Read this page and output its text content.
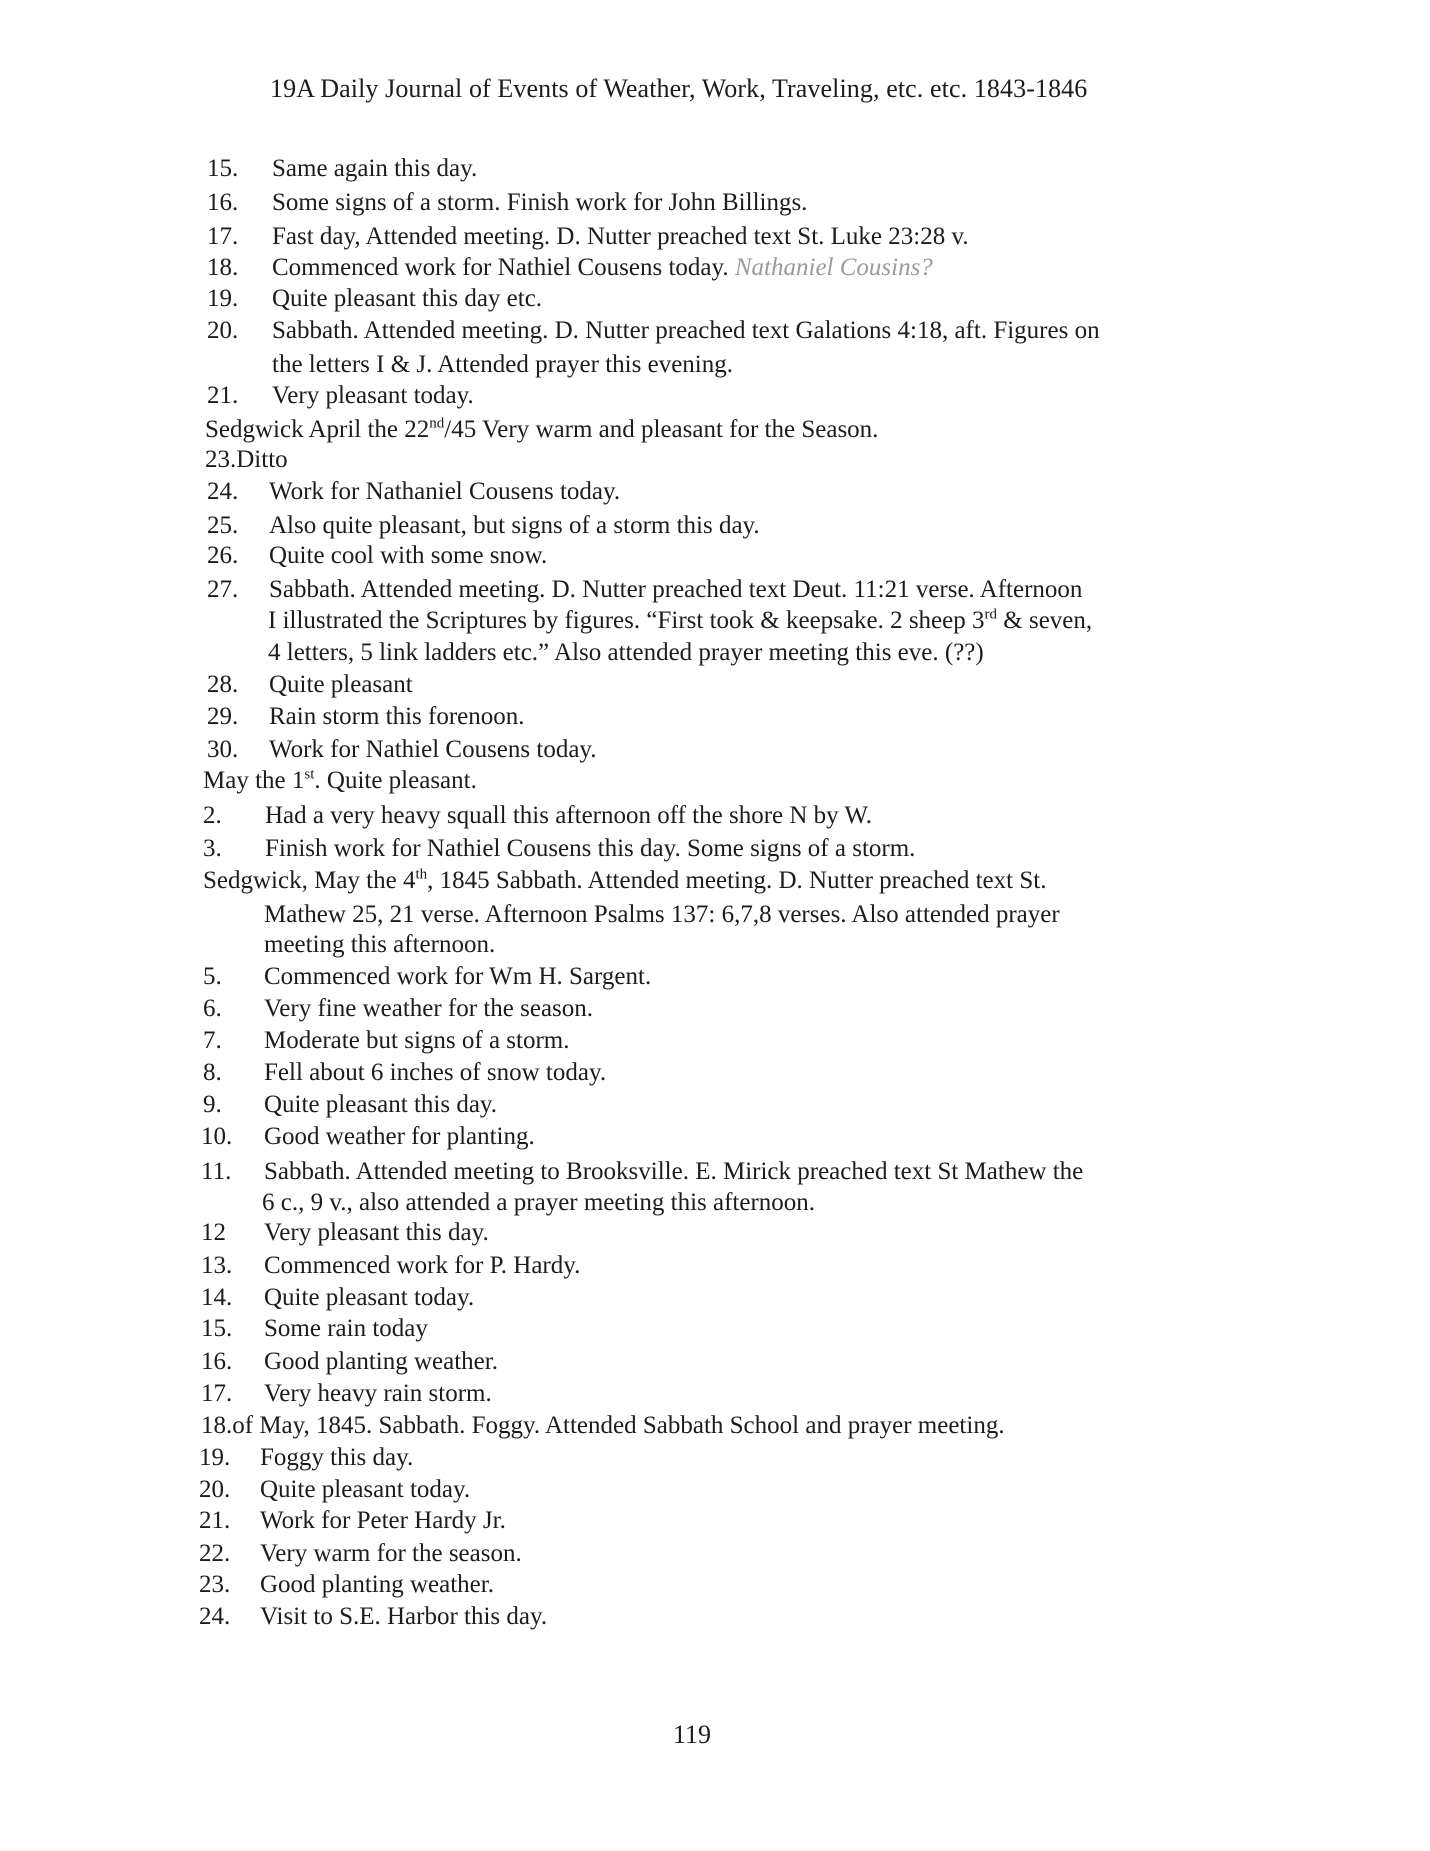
19A Daily Journal of Events of Weather, Work, Traveling, etc. etc. 1843-1846
15. Same again this day.
16. Some signs of a storm. Finish work for John Billings.
17. Fast day, Attended meeting. D. Nutter preached text St. Luke 23:28 v.
18. Commenced work for Nathiel Cousens today. Nathaniel Cousins?
19. Quite pleasant this day etc.
20. Sabbath. Attended meeting. D. Nutter preached text Galations 4:18, aft. Figures on
the letters I & J. Attended prayer this evening.
21. Very pleasant today.
Sedgwick April the 22nd/45 Very warm and pleasant for the Season.
23.Ditto
24. Work for Nathaniel Cousens today.
25. Also quite pleasant, but signs of a storm this day.
26. Quite cool with some snow.
27. Sabbath. Attended meeting. D. Nutter preached text Deut. 11:21 verse. Afternoon
I illustrated the Scriptures by figures. “First took & keepsake. 2 sheep 3rd & seven,
4 letters, 5 link ladders etc.” Also attended prayer meeting this eve. (??)
28. Quite pleasant
29. Rain storm this forenoon.
30. Work for Nathiel Cousens today.
May the 1st. Quite pleasant.
2. Had a very heavy squall this afternoon off the shore N by W.
3. Finish work for Nathiel Cousens this day. Some signs of a storm.
Sedgwick, May the 4th, 1845 Sabbath. Attended meeting. D. Nutter preached text St.
Mathew 25, 21 verse. Afternoon Psalms 137: 6,7,8 verses. Also attended prayer
meeting this afternoon.
5. Commenced work for Wm H. Sargent.
6. Very fine weather for the season.
7. Moderate but signs of a storm.
8. Fell about 6 inches of snow today.
9. Quite pleasant this day.
10. Good weather for planting.
11. Sabbath. Attended meeting to Brooksville. E. Mirick preached text St Mathew the
6 c., 9 v., also attended a prayer meeting this afternoon.
12 Very pleasant this day.
13. Commenced work for P. Hardy.
14. Quite pleasant today.
15. Some rain today
16. Good planting weather.
17. Very heavy rain storm.
18.of May, 1845. Sabbath. Foggy. Attended Sabbath School and prayer meeting.
19. Foggy this day.
20. Quite pleasant today.
21. Work for Peter Hardy Jr.
22. Very warm for the season.
23. Good planting weather.
24. Visit to S.E. Harbor this day.
119
